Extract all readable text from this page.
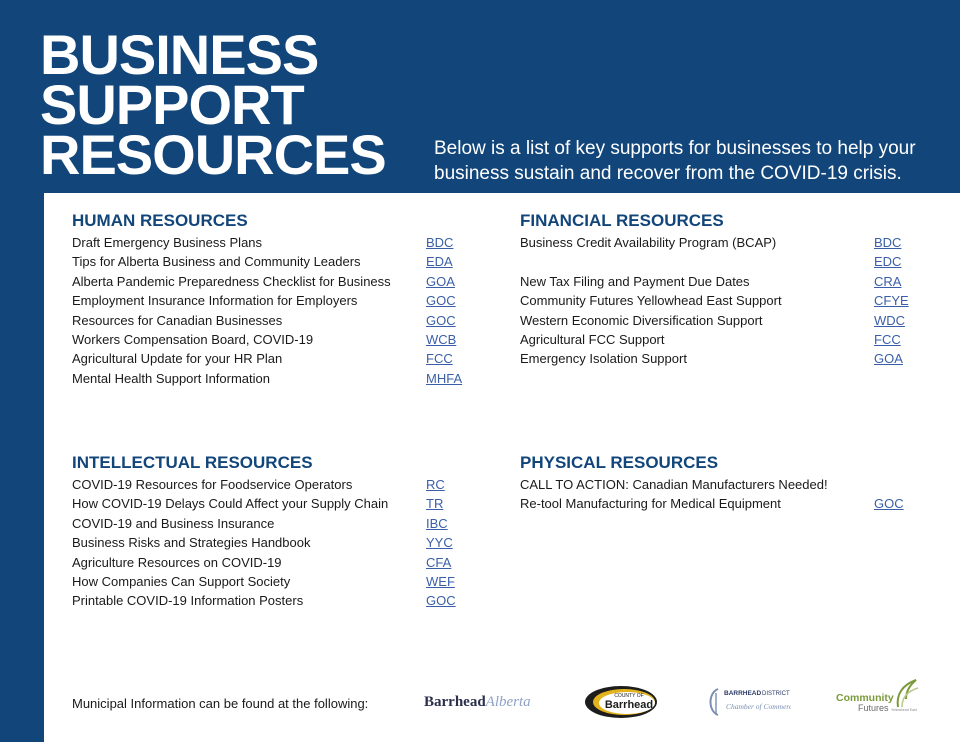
BUSINESS
SUPPORT
RESOURCES	Below is a list of key supports for businesses to help your business sustain and recover from the COVID-19 crisis.
HUMAN RESOURCES
Draft Emergency Business Plans	BDC
Tips for Alberta Business and Community Leaders	EDA
Alberta Pandemic Preparedness Checklist for Business	GOA
Employment Insurance Information for Employers	GOC
Resources for Canadian Businesses	GOC
Workers Compensation Board, COVID-19	WCB
Agricultural Update for your HR Plan	FCC
Mental Health Support Information	MHFA
FINANCIAL RESOURCES
Business Credit Availability Program (BCAP)	BDC
EDC
New Tax Filing and Payment Due Dates	CRA
Community Futures Yellowhead East Support	CFYE
Western Economic Diversification Support	WDC
Agricultural FCC Support	FCC
Emergency Isolation Support	GOA
INTELLECTUAL RESOURCES
COVID-19 Resources for Foodservice Operators	RC
How COVID-19 Delays Could Affect your Supply Chain	TR
COVID-19 and Business Insurance	IBC
Business Risks and Strategies Handbook	YYC
Agriculture Resources on COVID-19	CFA
How Companies Can Support Society	WEF
Printable COVID-19 Information Posters	GOC
PHYSICAL RESOURCES
CALL TO ACTION: Canadian Manufacturers Needed!
Re-tool Manufacturing for Medical Equipment	GOC
Municipal Information can be found at the following:	BarrheadAlberta	COUNTY OF
Barrhead
BARRHEAD DISTRICT
Chamber of Commerce
Community
Futures Yellowhead East
